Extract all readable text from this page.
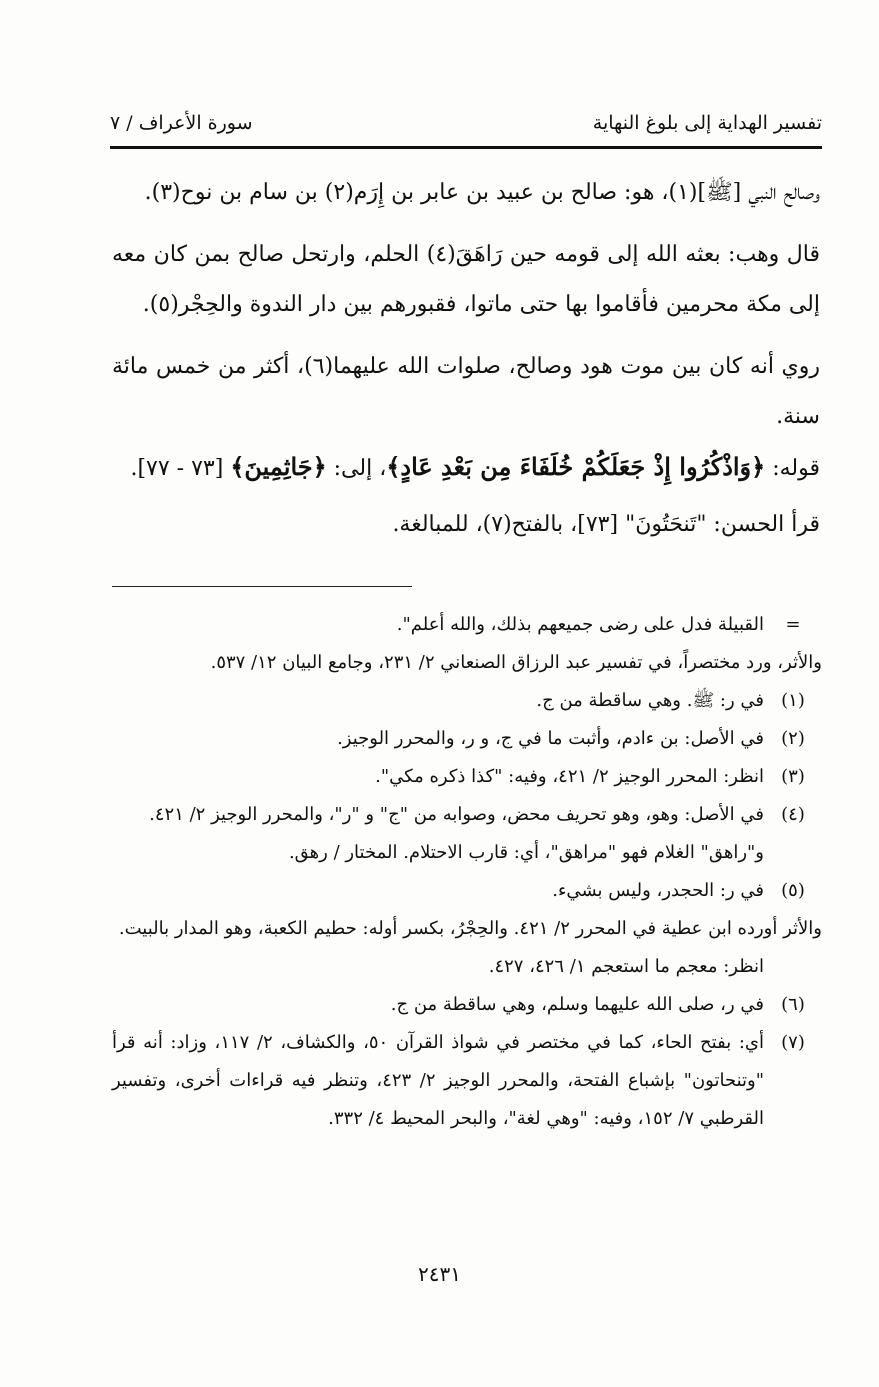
تفسير الهداية إلى بلوغ النهاية
سورة الأعراف / ٧

وصالح النبي [ﷺ](١)، هو: صالح بن عبيد بن عابر بن إِرَم(٢) بن سام بن نوح(٣).

قال وهب: بعثه الله إلى قومه حين رَاهَقَ(٤) الحلم، وارتحل صالح بمن كان معه إلى مكة محرمين فأقاموا بها حتى ماتوا، فقبورهم بين دار الندوة والحِجْر(٥).

روي أنه كان بين موت هود وصالح، صلوات الله عليهما(٦)، أكثر من خمس مائة سنة.

قوله: ﴿وَاذْكُرُوا إِذْ جَعَلَكُمْ خُلَفَاءَ مِن بَعْدِ عَادٍ﴾، إلى: ﴿جَاثِمِينَ﴾ [٧٣ - ٧٧].

قرأ الحسن: "تَنحَتُونَ" [٧٣]، بالفتح(٧)، للمبالغة.

=
القبيلة فدل على رضى جميعهم بذلك، والله أعلم".
والأثر، ورد مختصراً، في تفسير عبد الرزاق الصنعاني ٢/ ٢٣١، وجامع البيان ١٢/ ٥٣٧.
(١)
في ر: ﷺ. وهي ساقطة من ج.
(٢)
في الأصل: بن ءادم، وأثبت ما في ج، و ر، والمحرر الوجيز.
(٣)
انظر: المحرر الوجيز ٢/ ٤٢١، وفيه: "كذا ذكره مكي".
(٤)
في الأصل: وهو، وهو تحريف محض، وصوابه من "ج" و "ر"، والمحرر الوجيز ٢/ ٤٢١.
و"راهق" الغلام فهو "مراهق"، أي: قارب الاحتلام. المختار / رهق.
(٥)
في ر: الحجدر، وليس بشيء.
والأثر أورده ابن عطية في المحرر ٢/ ٤٢١. والحِجْرُ، بكسر أوله: حطيم الكعبة، وهو المدار بالبيت.
انظر: معجم ما استعجم ١/ ٤٢٦، ٤٢٧.
(٦)
في ر، صلى الله عليهما وسلم، وهي ساقطة من ج.
(٧)
أي: بفتح الحاء، كما في مختصر في شواذ القرآن ٥٠، والكشاف، ٢/ ١١٧، وزاد: أنه قرأ "وتنحاتون" بإشباع الفتحة، والمحرر الوجيز ٢/ ٤٢٣، وتنظر فيه قراءات أخرى، وتفسير القرطبي ٧/ ١٥٢، وفيه: "وهي لغة"، والبحر المحيط ٤/ ٣٣٢.
٢٤٣١
